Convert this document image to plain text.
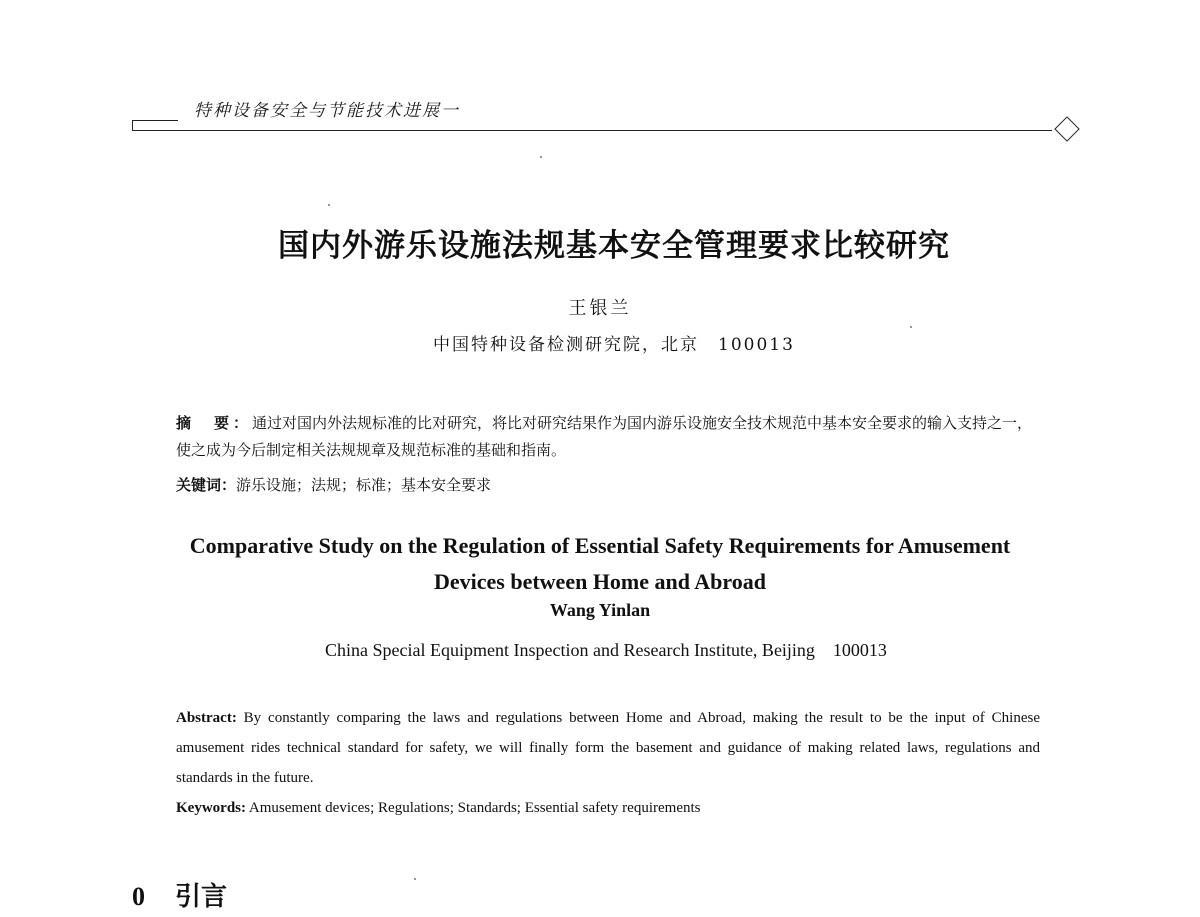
特种设备安全与节能技术进展一
国内外游乐设施法规基本安全管理要求比较研究
王银兰
中国特种设备检测研究院，北京　100013
摘　要：通过对国内外法规标准的比对研究，将比对研究结果作为国内游乐设施安全技术规范中基本安全要求的输入支持之一，使之成为今后制定相关法规规章及规范标准的基础和指南。
关键词：游乐设施；法规；标准；基本安全要求
Comparative Study on the Regulation of Essential Safety Requirements for Amusement
Devices between Home and Abroad
Wang Yinlan
China Special Equipment Inspection and Research Institute, Beijing　100013
Abstract: By constantly comparing the laws and regulations between Home and Abroad, making the result to be the input of Chinese amusement rides technical standard for safety, we will finally form the basement and guidance of making related laws, regulations and standards in the future.
Keywords: Amusement devices; Regulations; Standards; Essential safety requirements
0 引言
